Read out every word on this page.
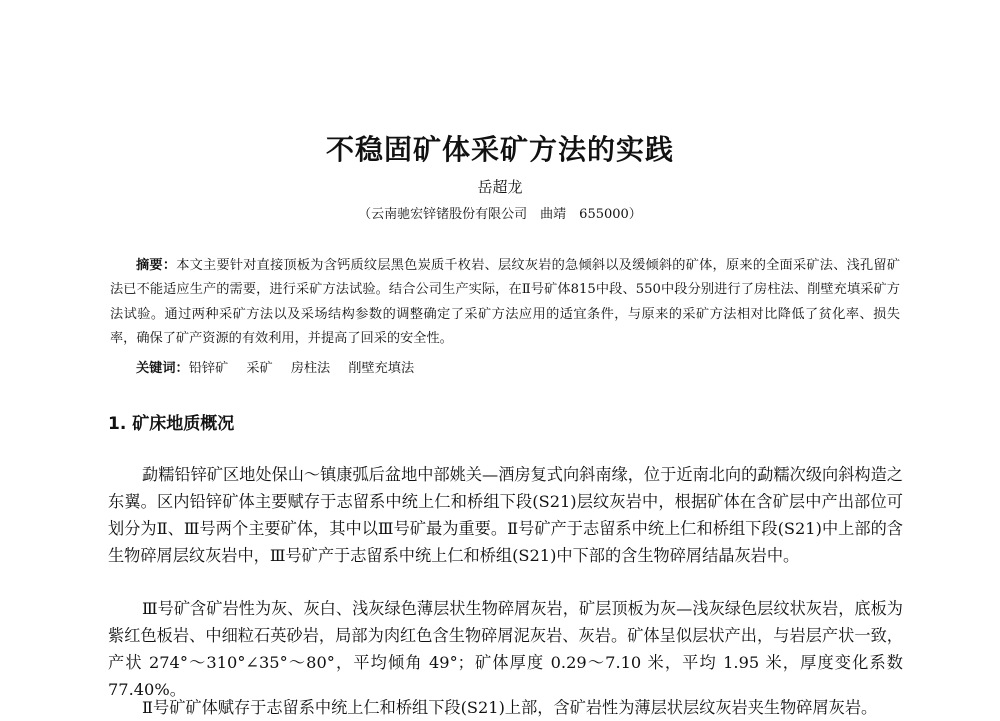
不稳固矿体采矿方法的实践
岳超龙
（云南驰宏锌锗股份有限公司　曲靖　655000）
摘要：本文主要针对直接顶板为含钙质纹层黑色炭质千枚岩、层纹灰岩的急倾斜以及缓倾斜的矿体，原来的全面采矿法、浅孔留矿法已不能适应生产的需要，进行采矿方法试验。结合公司生产实际，在Ⅱ号矿体815中段、550中段分别进行了房柱法、削壁充填采矿方法试验。通过两种采矿方法以及采场结构参数的调整确定了采矿方法应用的适宜条件，与原来的采矿方法相对比降低了贫化率、损失率，确保了矿产资源的有效利用，并提高了回采的安全性。
关键词：铅锌矿 采矿 房柱法 削壁充填法
1. 矿床地质概况

勐糯铅锌矿区地处保山～镇康弧后盆地中部姚关—酒房复式向斜南缘，位于近南北向的勐糯次级向斜构造之东翼。区内铅锌矿体主要赋存于志留系中统上仁和桥组下段(S21)层纹灰岩中，根据矿体在含矿层中产出部位可划分为Ⅱ、Ⅲ号两个主要矿体，其中以Ⅲ号矿最为重要。Ⅱ号矿产于志留系中统上仁和桥组下段(S21)中上部的含生物碎屑层纹灰岩中，Ⅲ号矿产于志留系中统上仁和桥组(S21)中下部的含生物碎屑结晶灰岩中。

Ⅲ号矿含矿岩性为灰、灰白、浅灰绿色薄层状生物碎屑灰岩，矿层顶板为灰—浅灰绿色层纹状灰岩，底板为紫红色板岩、中细粒石英砂岩，局部为肉红色含生物碎屑泥灰岩、灰岩。矿体呈似层状产出，与岩层产状一致，产状 274°～310°∠35°～80°，平均倾角 49°；矿体厚度 0.29～7.10 米，平均 1.95 米，厚度变化系数 77.40%。

Ⅱ号矿矿体赋存于志留系中统上仁和桥组下段(S21)上部，含矿岩性为薄层状层纹灰岩夹生物碎屑灰岩。
